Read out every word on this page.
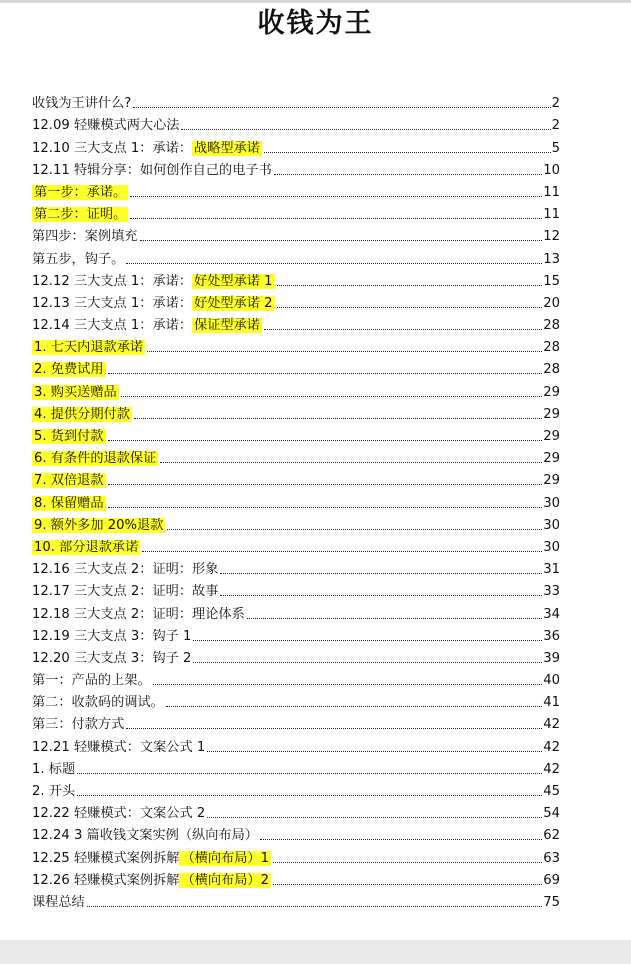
收钱为王
收钱为王讲什么?	2
12.09 轻赚模式两大心法	2
12.10 三大支点 1：承诺： 战略型承诺	5
12.11 特辑分享：如何创作自己的电子书	10
第一步：承诺。	11
第二步：证明。	11
第四步：案例填充	12
第五步，钩子。	13
12.12 三大支点 1：承诺： 好处型承诺 1	15
12.13 三大支点 1：承诺： 好处型承诺 2	20
12.14 三大支点 1：承诺： 保证型承诺	28
1. 七天内退款承诺	28
2. 免费试用	28
3. 购买送赠品	29
4. 提供分期付款	29
5. 货到付款	29
6. 有条件的退款保证	29
7. 双倍退款	29
8. 保留赠品	30
9. 额外多加 20%退款	30
10. 部分退款承诺	30
12.16 三大支点 2：证明：形象	31
12.17 三大支点 2：证明：故事	33
12.18 三大支点 2：证明：理论体系	34
12.19 三大支点 3：钩子 1	36
12.20 三大支点 3：钩子 2	39
第一：产品的上架。	40
第二：收款码的调试。	41
第三：付款方式	42
12.21 轻赚模式：文案公式 1	42
1. 标题	42
2. 开头	45
12.22 轻赚模式：文案公式 2	54
12.24 3 篇收钱文案实例（纵向布局）	62
12.25 轻赚模式案例拆解 （横向布局）1	63
12.26 轻赚模式案例拆解 （横向布局）2	69
课程总结	75
